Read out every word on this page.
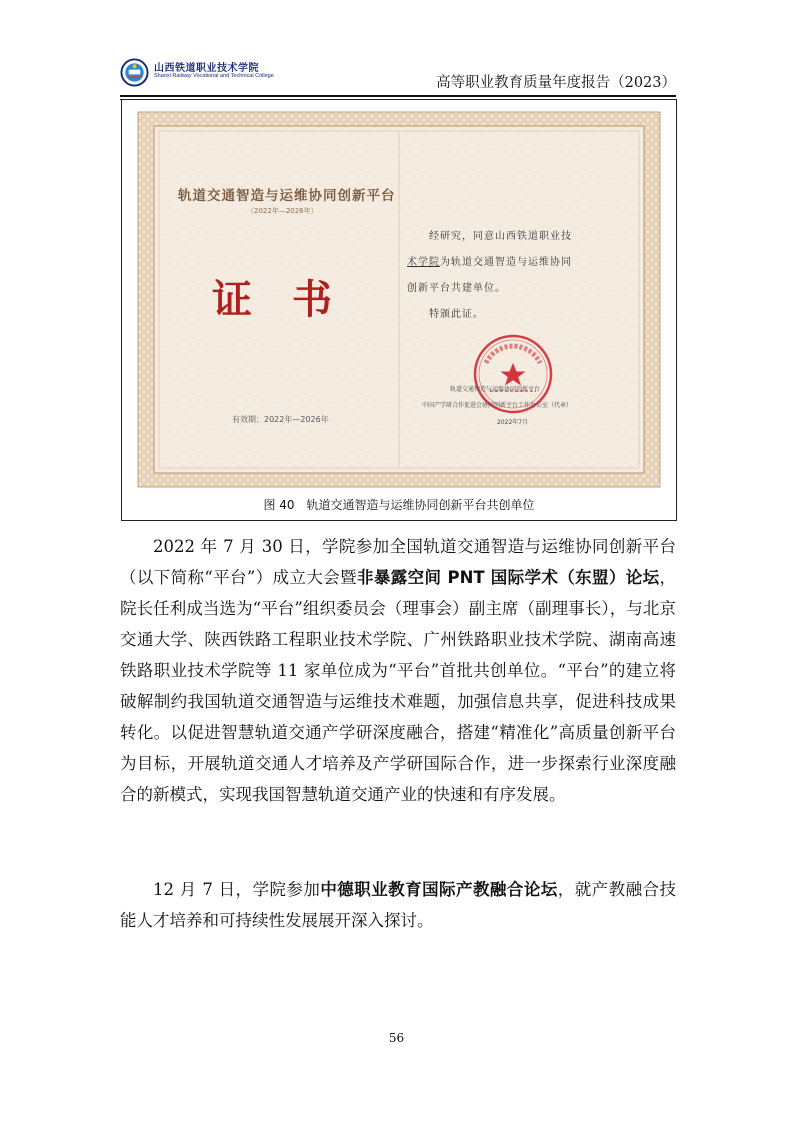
山西铁道职业技术学院
Shanxi Railway Vocational and Technical College	高等职业教育质量年度报告（2023）
轨道交通智造与运维协同创新平台
（2022年—2026年）
证书
有效期：2022年—2026年
经研究，同意山西铁道职业技
术学院为轨道交通智造与运维协同
创新平台共建单位。
特颁此证。
轨道交通智造与运维协同创新平台
中国产学研合作促进会协同创新平台工作办公室（代章）
2022年7月
图 40　轨道交通智造与运维协同创新平台共创单位

2022 年 7 月 30 日，学院参加全国轨道交通智造与运维协同创新平台（以下简称“平台”）成立大会暨非暴露空间 PNT 国际学术（东盟）论坛，院长任利成当选为“平台”组织委员会（理事会）副主席（副理事长），与北京交通大学、陕西铁路工程职业技术学院、广州铁路职业技术学院、湖南高速铁路职业技术学院等 11 家单位成为“平台”首批共创单位。“平台”的建立将破解制约我国轨道交通智造与运维技术难题，加强信息共享，促进科技成果转化。以促进智慧轨道交通产学研深度融合，搭建“精准化”高质量创新平台为目标，开展轨道交通人才培养及产学研国际合作，进一步探索行业深度融合的新模式，实现我国智慧轨道交通产业的快速和有序发展。

12 月 7 日，学院参加中德职业教育国际产教融合论坛，就产教融合技能人才培养和可持续性发展展开深入探讨。

56
